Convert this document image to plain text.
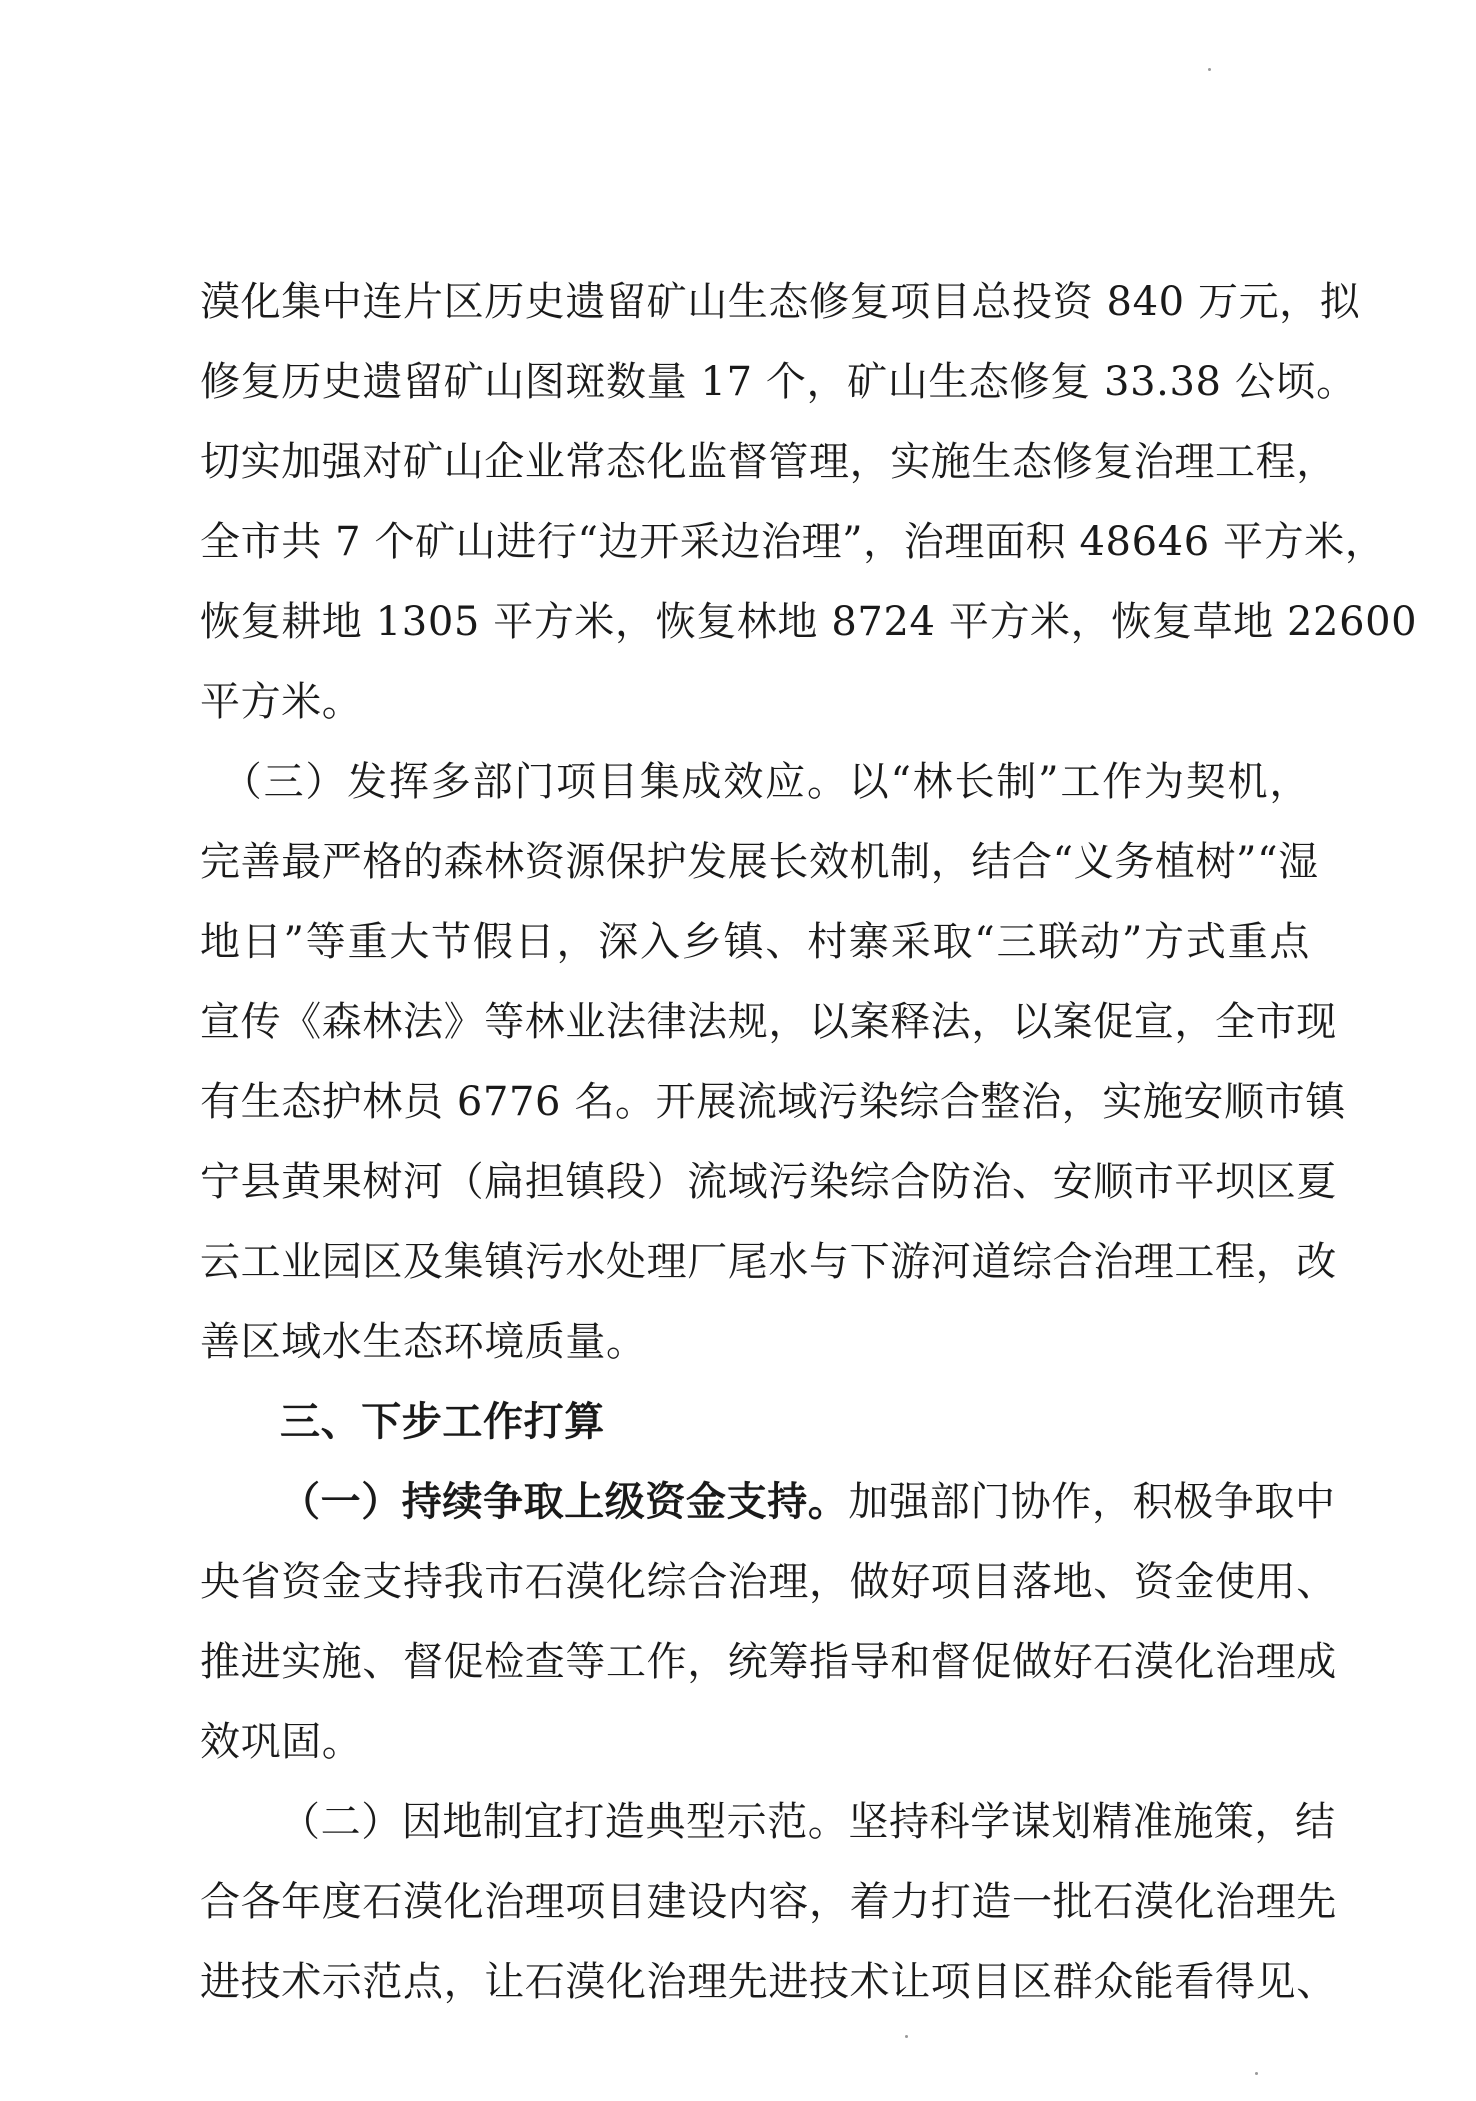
漠化集中连片区历史遗留矿山生态修复项目总投资 840 万元，拟
修复历史遗留矿山图斑数量 17 个，矿山生态修复 33.38 公顷。
切实加强对矿山企业常态化监督管理，实施生态修复治理工程，
全市共 7 个矿山进行“边开采边治理”，治理面积 48646 平方米，
恢复耕地 1305 平方米，恢复林地 8724 平方米，恢复草地 22600
平方米。
　（三）发挥多部门项目集成效应。以“林长制”工作为契机，
完善最严格的森林资源保护发展长效机制，结合“义务植树”“湿
地日”等重大节假日，深入乡镇、村寨采取“三联动”方式重点
宣传《森林法》等林业法律法规，以案释法，以案促宣，全市现
有生态护林员 6776 名。开展流域污染综合整治，实施安顺市镇
宁县黄果树河（扁担镇段）流域污染综合防治、安顺市平坝区夏
云工业园区及集镇污水处理厂尾水与下游河道综合治理工程，改
善区域水生态环境质量。
三、下步工作打算
（一）持续争取上级资金支持。加强部门协作，积极争取中
央省资金支持我市石漠化综合治理，做好项目落地、资金使用、
推进实施、督促检查等工作，统筹指导和督促做好石漠化治理成
效巩固。
（二）因地制宜打造典型示范。坚持科学谋划精准施策，结
合各年度石漠化治理项目建设内容，着力打造一批石漠化治理先
进技术示范点，让石漠化治理先进技术让项目区群众能看得见、
